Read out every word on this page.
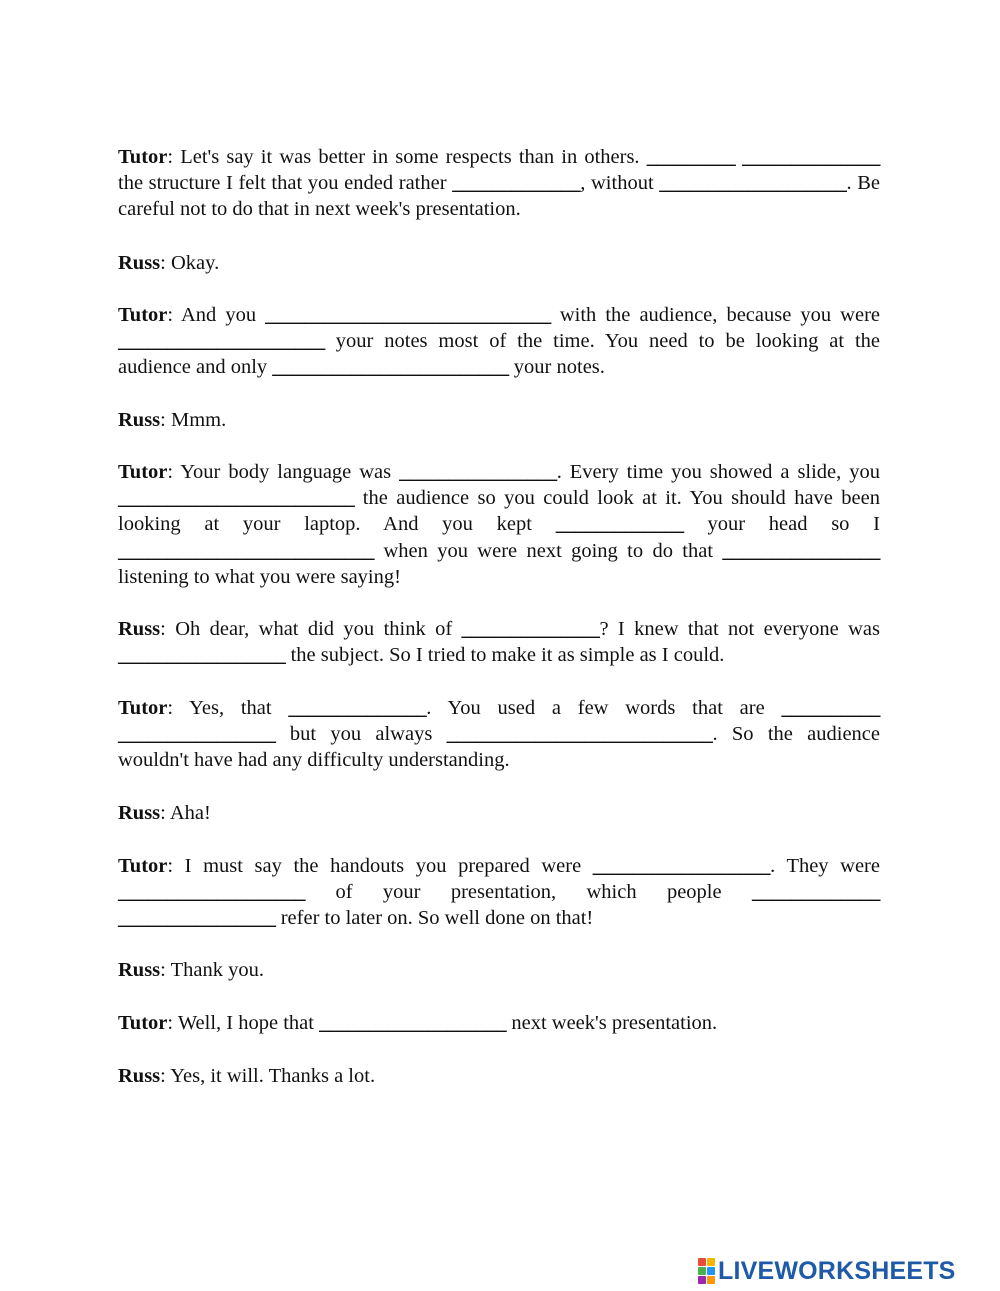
Tutor: Let's say it was better in some respects than in others. _________ ______________ the structure I felt that you ended rather _____________, without ___________________. Be careful not to do that in next week's presentation.
Russ: Okay.
Tutor: And you _____________________________ with the audience, because you were _____________________ your notes most of the time. You need to be looking at the audience and only ________________________ your notes.
Russ: Mmm.
Tutor: Your body language was ________________. Every time you showed a slide, you ________________________ the audience so you could look at it. You should have been looking at your laptop. And you kept _____________ your head so I __________________________ when you were next going to do that ________________ listening to what you were saying!
Russ: Oh dear, what did you think of ______________? I knew that not everyone was _________________ the subject. So I tried to make it as simple as I could.
Tutor: Yes, that ______________. You used a few words that are __________ ________________ but you always ___________________________. So the audience wouldn't have had any difficulty understanding.
Russ: Aha!
Tutor: I must say the handouts you prepared were __________________. They were ___________________ of your presentation, which people _____________ ________________ refer to later on. So well done on that!
Russ: Thank you.
Tutor: Well, I hope that ___________________ next week's presentation.
Russ: Yes, it will. Thanks a lot.
LIVEWORKSHEETS
